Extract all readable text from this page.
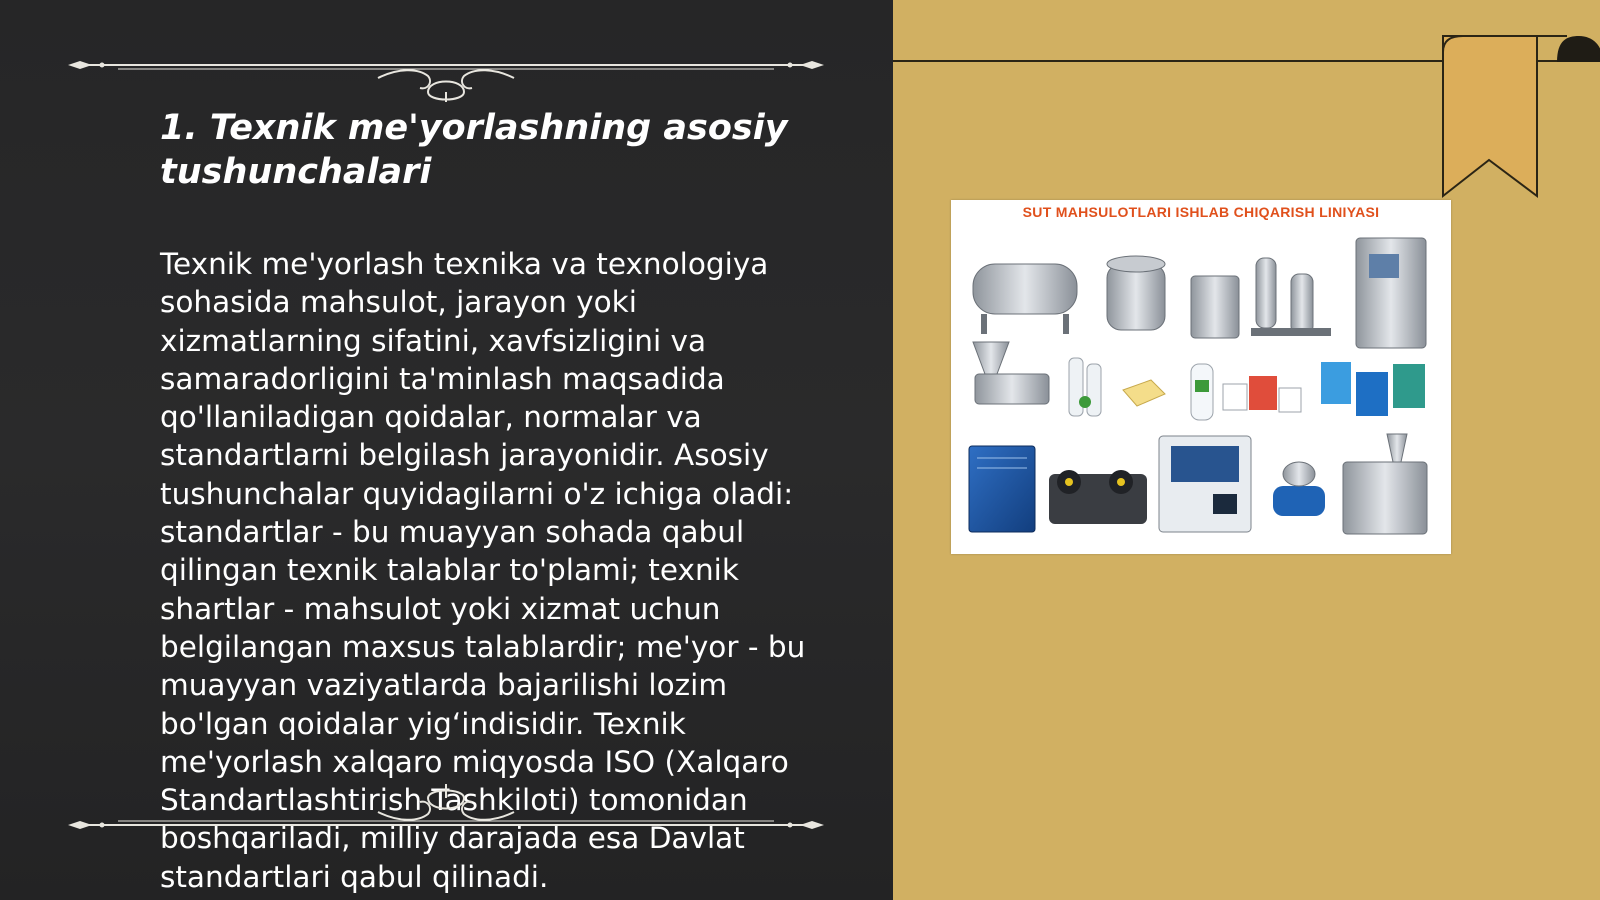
1. Texnik me'yorlashning asosiy tushunchalari

Texnik me'yorlash texnika va texnologiya sohasida mahsulot, jarayon yoki xizmatlarning sifatini, xavfsizligini va samaradorligini ta'minlash maqsadida qo'llaniladigan qoidalar, normalar va standartlarni belgilash jarayonidir. Asosiy tushunchalar quyidagilarni o'z ichiga oladi: standartlar - bu muayyan sohada qabul qilingan texnik talablar to'plami; texnik shartlar - mahsulot yoki xizmat uchun belgilangan maxsus talablardir; me'yor - bu muayyan vaziyatlarda bajarilishi lozim bo'lgan qoidalar yig‘indisidir. Texnik me'yorlash xalqaro miqyosda ISO (Xalqaro Standartlashtirish Tashkiloti) tomonidan boshqariladi, milliy darajada esa Davlat standartlari qabul qilinadi.

SUT MAHSULOTLARI ISHLAB CHIQARISH LINIYASI
